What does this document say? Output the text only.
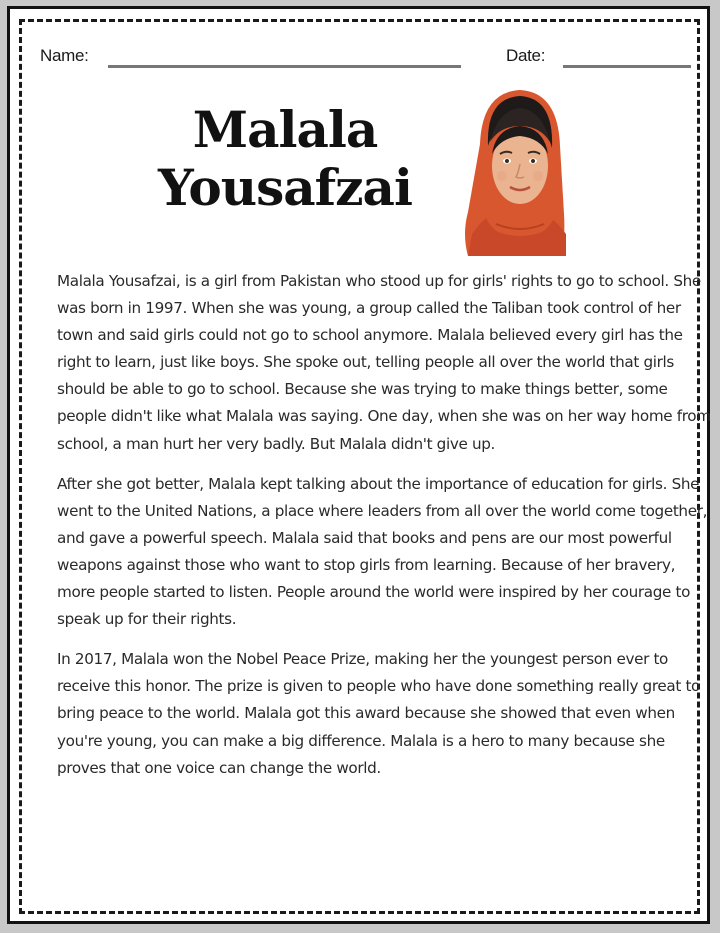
Name:	Date:
Malala
Yousafzai

Malala Yousafzai, is a girl from Pakistan who stood up for girls' rights to go to school. She was born in 1997. When she was young, a group called the Taliban took control of her town and said girls could not go to school anymore. Malala believed every girl has the right to learn, just like boys. She spoke out, telling people all over the world that girls should be able to go to school. Because she was trying to make things better, some people didn't like what Malala was saying. One day, when she was on her way home from school, a man hurt her very badly. But Malala didn't give up.

After she got better, Malala kept talking about the importance of education for girls. She went to the United Nations, a place where leaders from all over the world come together, and gave a powerful speech. Malala said that books and pens are our most powerful weapons against those who want to stop girls from learning. Because of her bravery, more people started to listen. People around the world were inspired by her courage to speak up for their rights.

In 2017, Malala won the Nobel Peace Prize, making her the youngest person ever to receive this honor. The prize is given to people who have done something really great to bring peace to the world. Malala got this award because she showed that even when you're young, you can make a big difference. Malala is a hero to many because she proves that one voice can change the world.
